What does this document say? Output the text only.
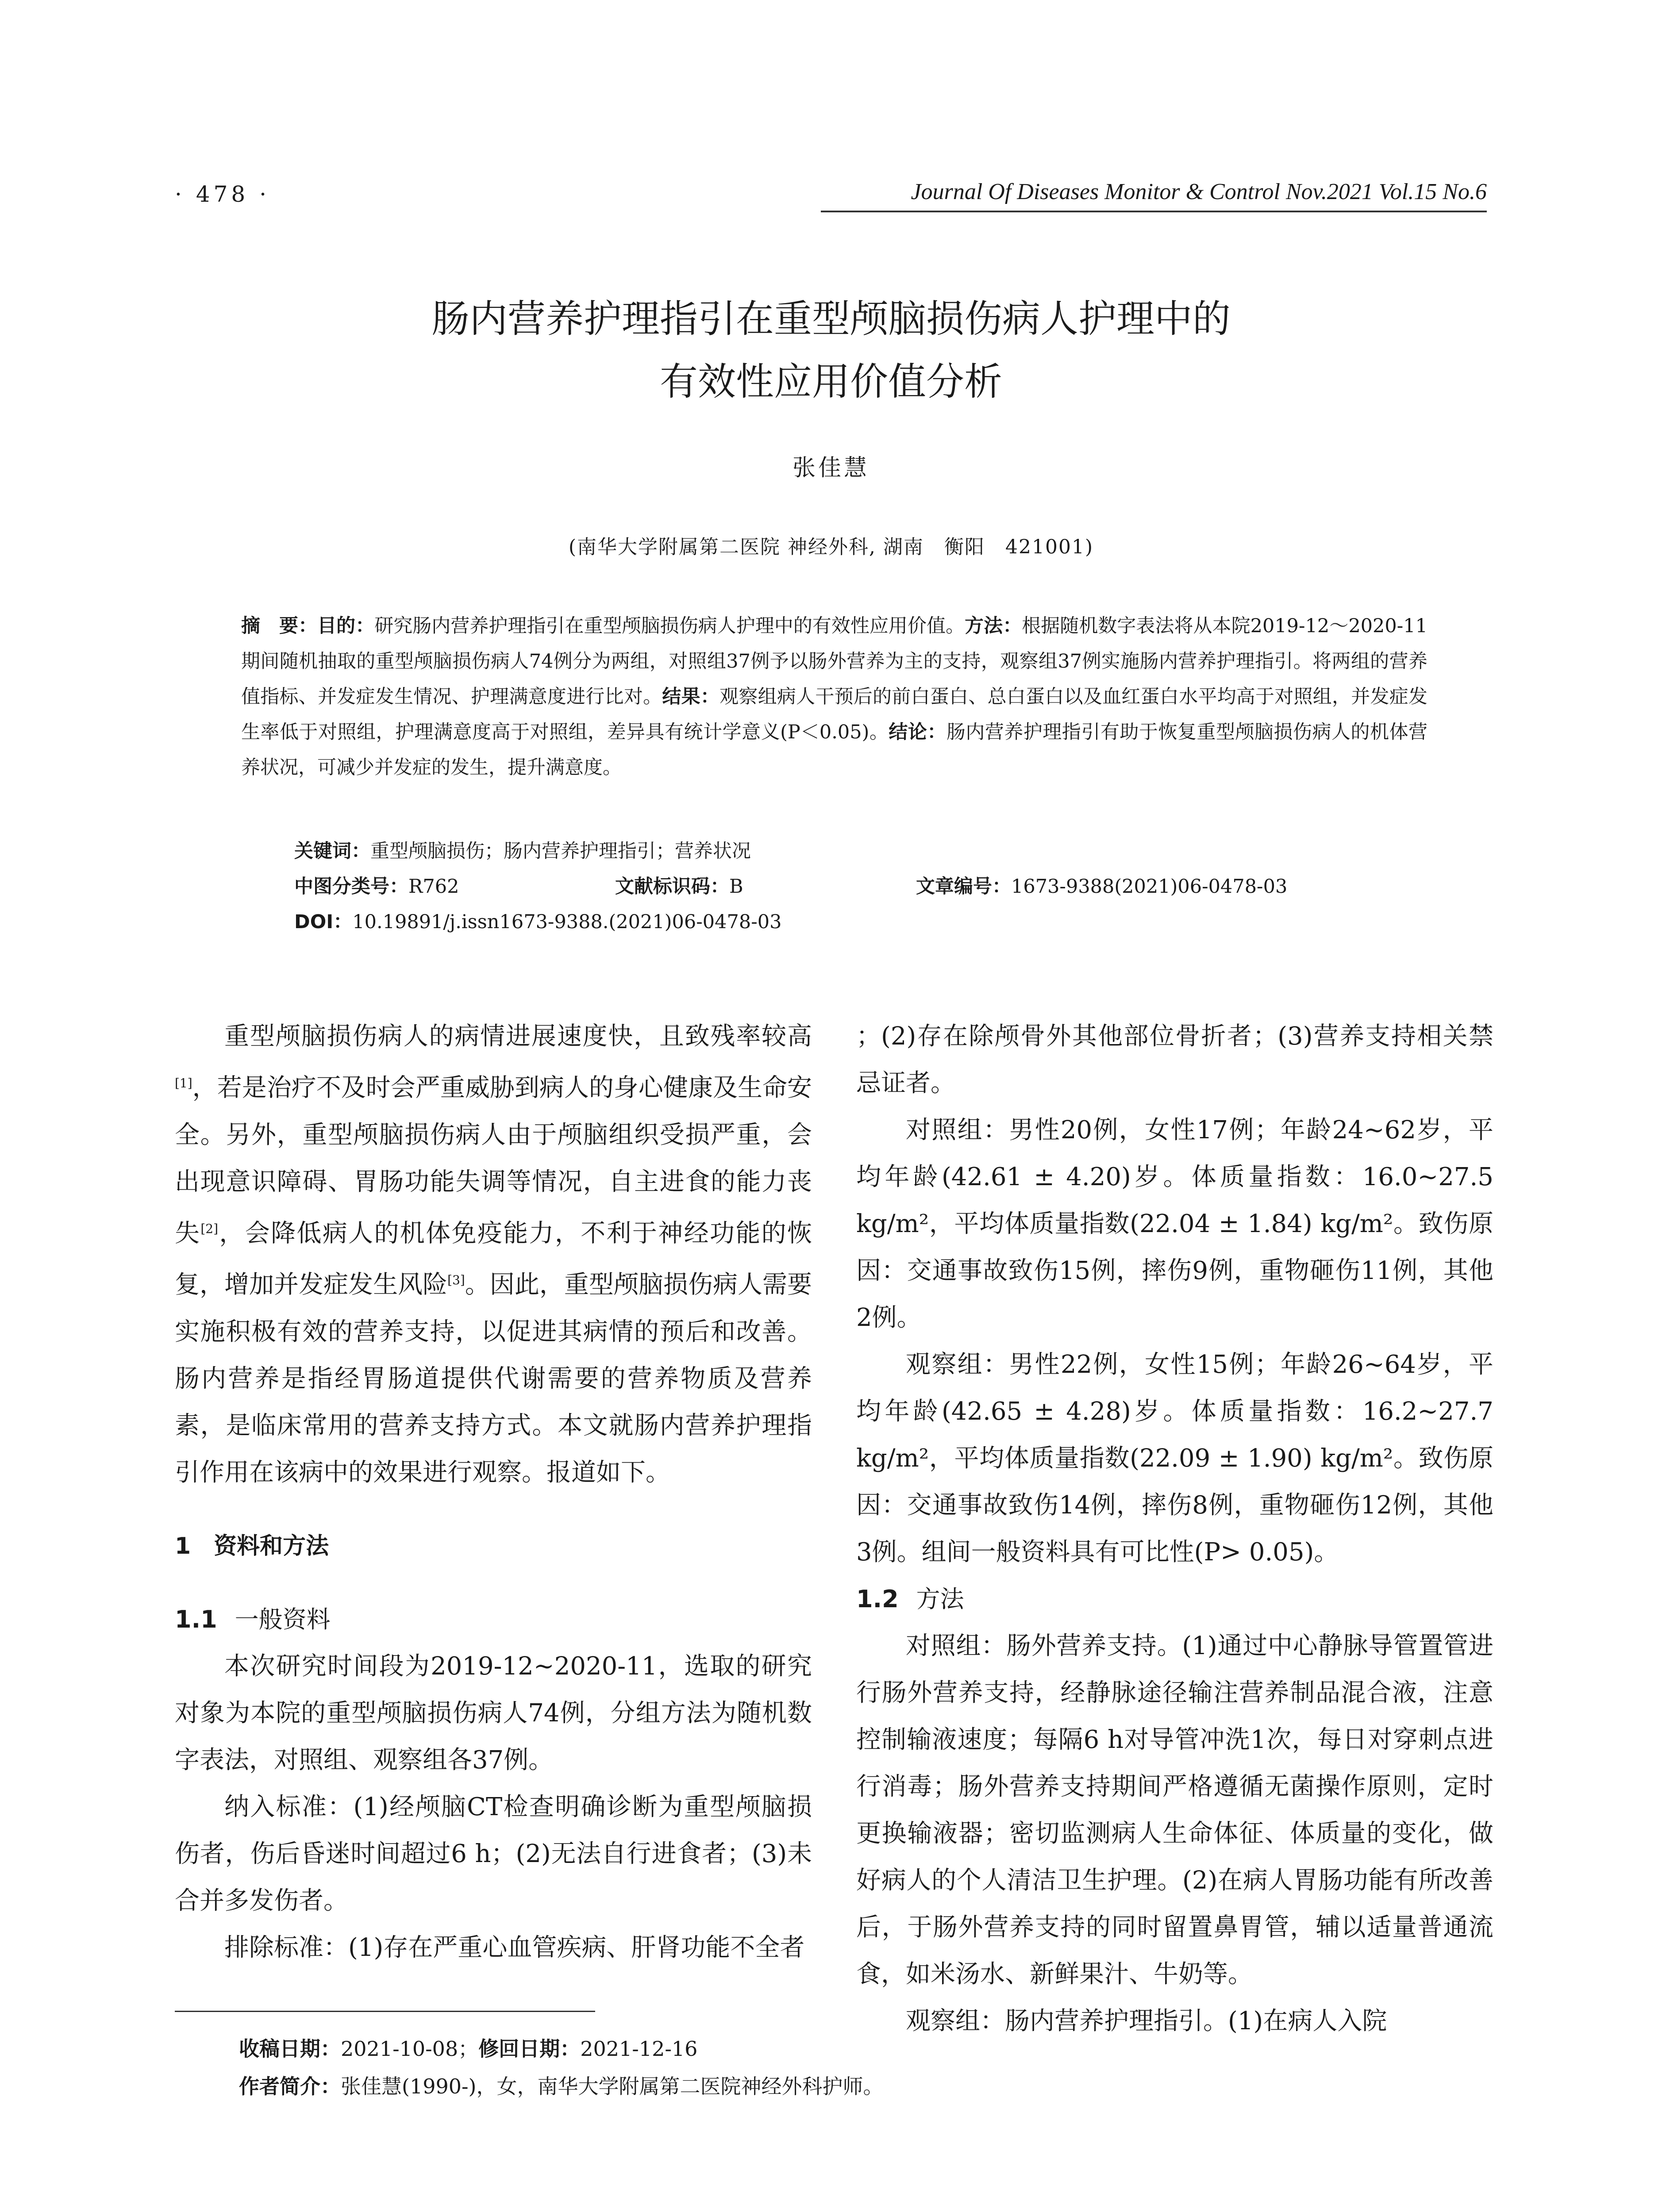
· 478 ·	Journal Of Diseases Monitor & Control Nov.2021 Vol.15 No.6
肠内营养护理指引在重型颅脑损伤病人护理中的
有效性应用价值分析
张佳慧
(南华大学附属第二医院 神经外科, 湖南　衡阳　421001)

摘　要：目的：研究肠内营养护理指引在重型颅脑损伤病人护理中的有效性应用价值。方法：根据随机数字表法将从本院2019-12～2020-11期间随机抽取的重型颅脑损伤病人74例分为两组，对照组37例予以肠外营养为主的支持，观察组37例实施肠内营养护理指引。将两组的营养值指标、并发症发生情况、护理满意度进行比对。结果：观察组病人干预后的前白蛋白、总白蛋白以及血红蛋白水平均高于对照组，并发症发生率低于对照组，护理满意度高于对照组，差异具有统计学意义(P＜0.05)。结论：肠内营养护理指引有助于恢复重型颅脑损伤病人的机体营养状况，可减少并发症的发生，提升满意度。

关键词：重型颅脑损伤；肠内营养护理指引；营养状况
中图分类号：R762	文献标识码：B	文章编号：1673-9388(2021)06-0478-03
DOI：10.19891/j.issn1673-9388.(2021)06-0478-03

重型颅脑损伤病人的病情进展速度快，且致残率较高[1]，若是治疗不及时会严重威胁到病人的身心健康及生命安全。另外，重型颅脑损伤病人由于颅脑组织受损严重，会出现意识障碍、胃肠功能失调等情况，自主进食的能力丧失[2]，会降低病人的机体免疫能力，不利于神经功能的恢复，增加并发症发生风险[3]。因此，重型颅脑损伤病人需要实施积极有效的营养支持，以促进其病情的预后和改善。肠内营养是指经胃肠道提供代谢需要的营养物质及营养素，是临床常用的营养支持方式。本文就肠内营养护理指引作用在该病中的效果进行观察。报道如下。

1　资料和方法

1.1 一般资料

本次研究时间段为2019-12~2020-11，选取的研究对象为本院的重型颅脑损伤病人74例，分组方法为随机数字表法，对照组、观察组各37例。

纳入标准：(1)经颅脑CT检查明确诊断为重型颅脑损伤者，伤后昏迷时间超过6 h；(2)无法自行进食者；(3)未合并多发伤者。

排除标准：(1)存在严重心血管疾病、肝肾功能不全者

；(2)存在除颅骨外其他部位骨折者；(3)营养支持相关禁忌证者。

对照组：男性20例，女性17例；年龄24~62岁，平均年龄(42.61 ± 4.20)岁。体质量指数：16.0~27.5 kg/m²，平均体质量指数(22.04 ± 1.84) kg/m²。致伤原因：交通事故致伤15例，摔伤9例，重物砸伤11例，其他2例。

观察组：男性22例，女性15例；年龄26~64岁，平均年龄(42.65 ± 4.28)岁。体质量指数：16.2~27.7 kg/m²，平均体质量指数(22.09 ± 1.90) kg/m²。致伤原因：交通事故致伤14例，摔伤8例，重物砸伤12例，其他3例。组间一般资料具有可比性(P> 0.05)。

1.2 方法

对照组：肠外营养支持。(1)通过中心静脉导管置管进行肠外营养支持，经静脉途径输注营养制品混合液，注意控制输液速度；每隔6 h对导管冲洗1次，每日对穿刺点进行消毒；肠外营养支持期间严格遵循无菌操作原则，定时更换输液器；密切监测病人生命体征、体质量的变化，做好病人的个人清洁卫生护理。(2)在病人胃肠功能有所改善后，于肠外营养支持的同时留置鼻胃管，辅以适量普通流食，如米汤水、新鲜果汁、牛奶等。

观察组：肠内营养护理指引。(1)在病人入院

收稿日期：2021-10-08；修回日期：2021-12-16
作者简介：张佳慧(1990-)，女，南华大学附属第二医院神经外科护师。
